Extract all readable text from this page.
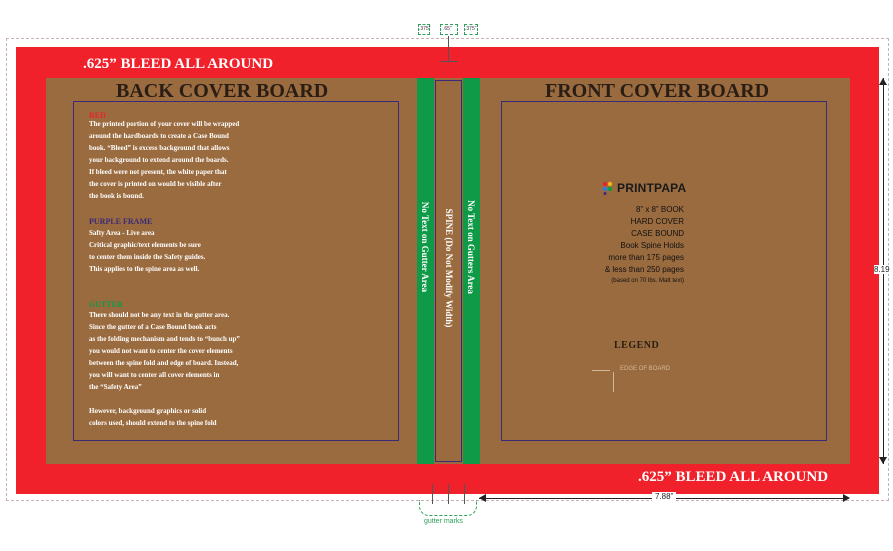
.625” BLEED ALL AROUND
.625” BLEED ALL AROUND
BACK COVER BOARD	FRONT COVER BOARD
RED
The printed portion of your cover will be wrapped
around the hardboards to create a Case Bound
book. “Bleed” is excess background that allows
your background to extend around the boards.
If bleed were not present, the white paper that
the cover is printed on would be visible after
the book is bound.
PURPLE FRAME
Safty Area - Live area
Critical graphic/text elements be sure
to center them inside the Safety guides.
This applies to the spine area as well.
GUTTER
There should not be any text in the gutter area.
Since the gutter of a Case Bound book acts
as the folding mechanism and tends to “bunch up”
you would not want to center the cover elements
between the spine fold and edge of board. Instead,
you will want to center all cover elements in
the “Safety Area”

However, background graphics or solid
colors used, should extend to the spine fold
No Text on Gutter Area SPINE (Do Not Modify Width) No Text on Gutters Area
PRINTPAPA
8” x 8” BOOK
HARD COVER
CASE BOUND
Book Spine Holds
more than 175 pages
& less than 250 pages
(based on 70 lbs. Matt text)
LEGEND
EDGE OF BOARD
.375”	.65”	.375”
gutter marks
7.88”
8.19
